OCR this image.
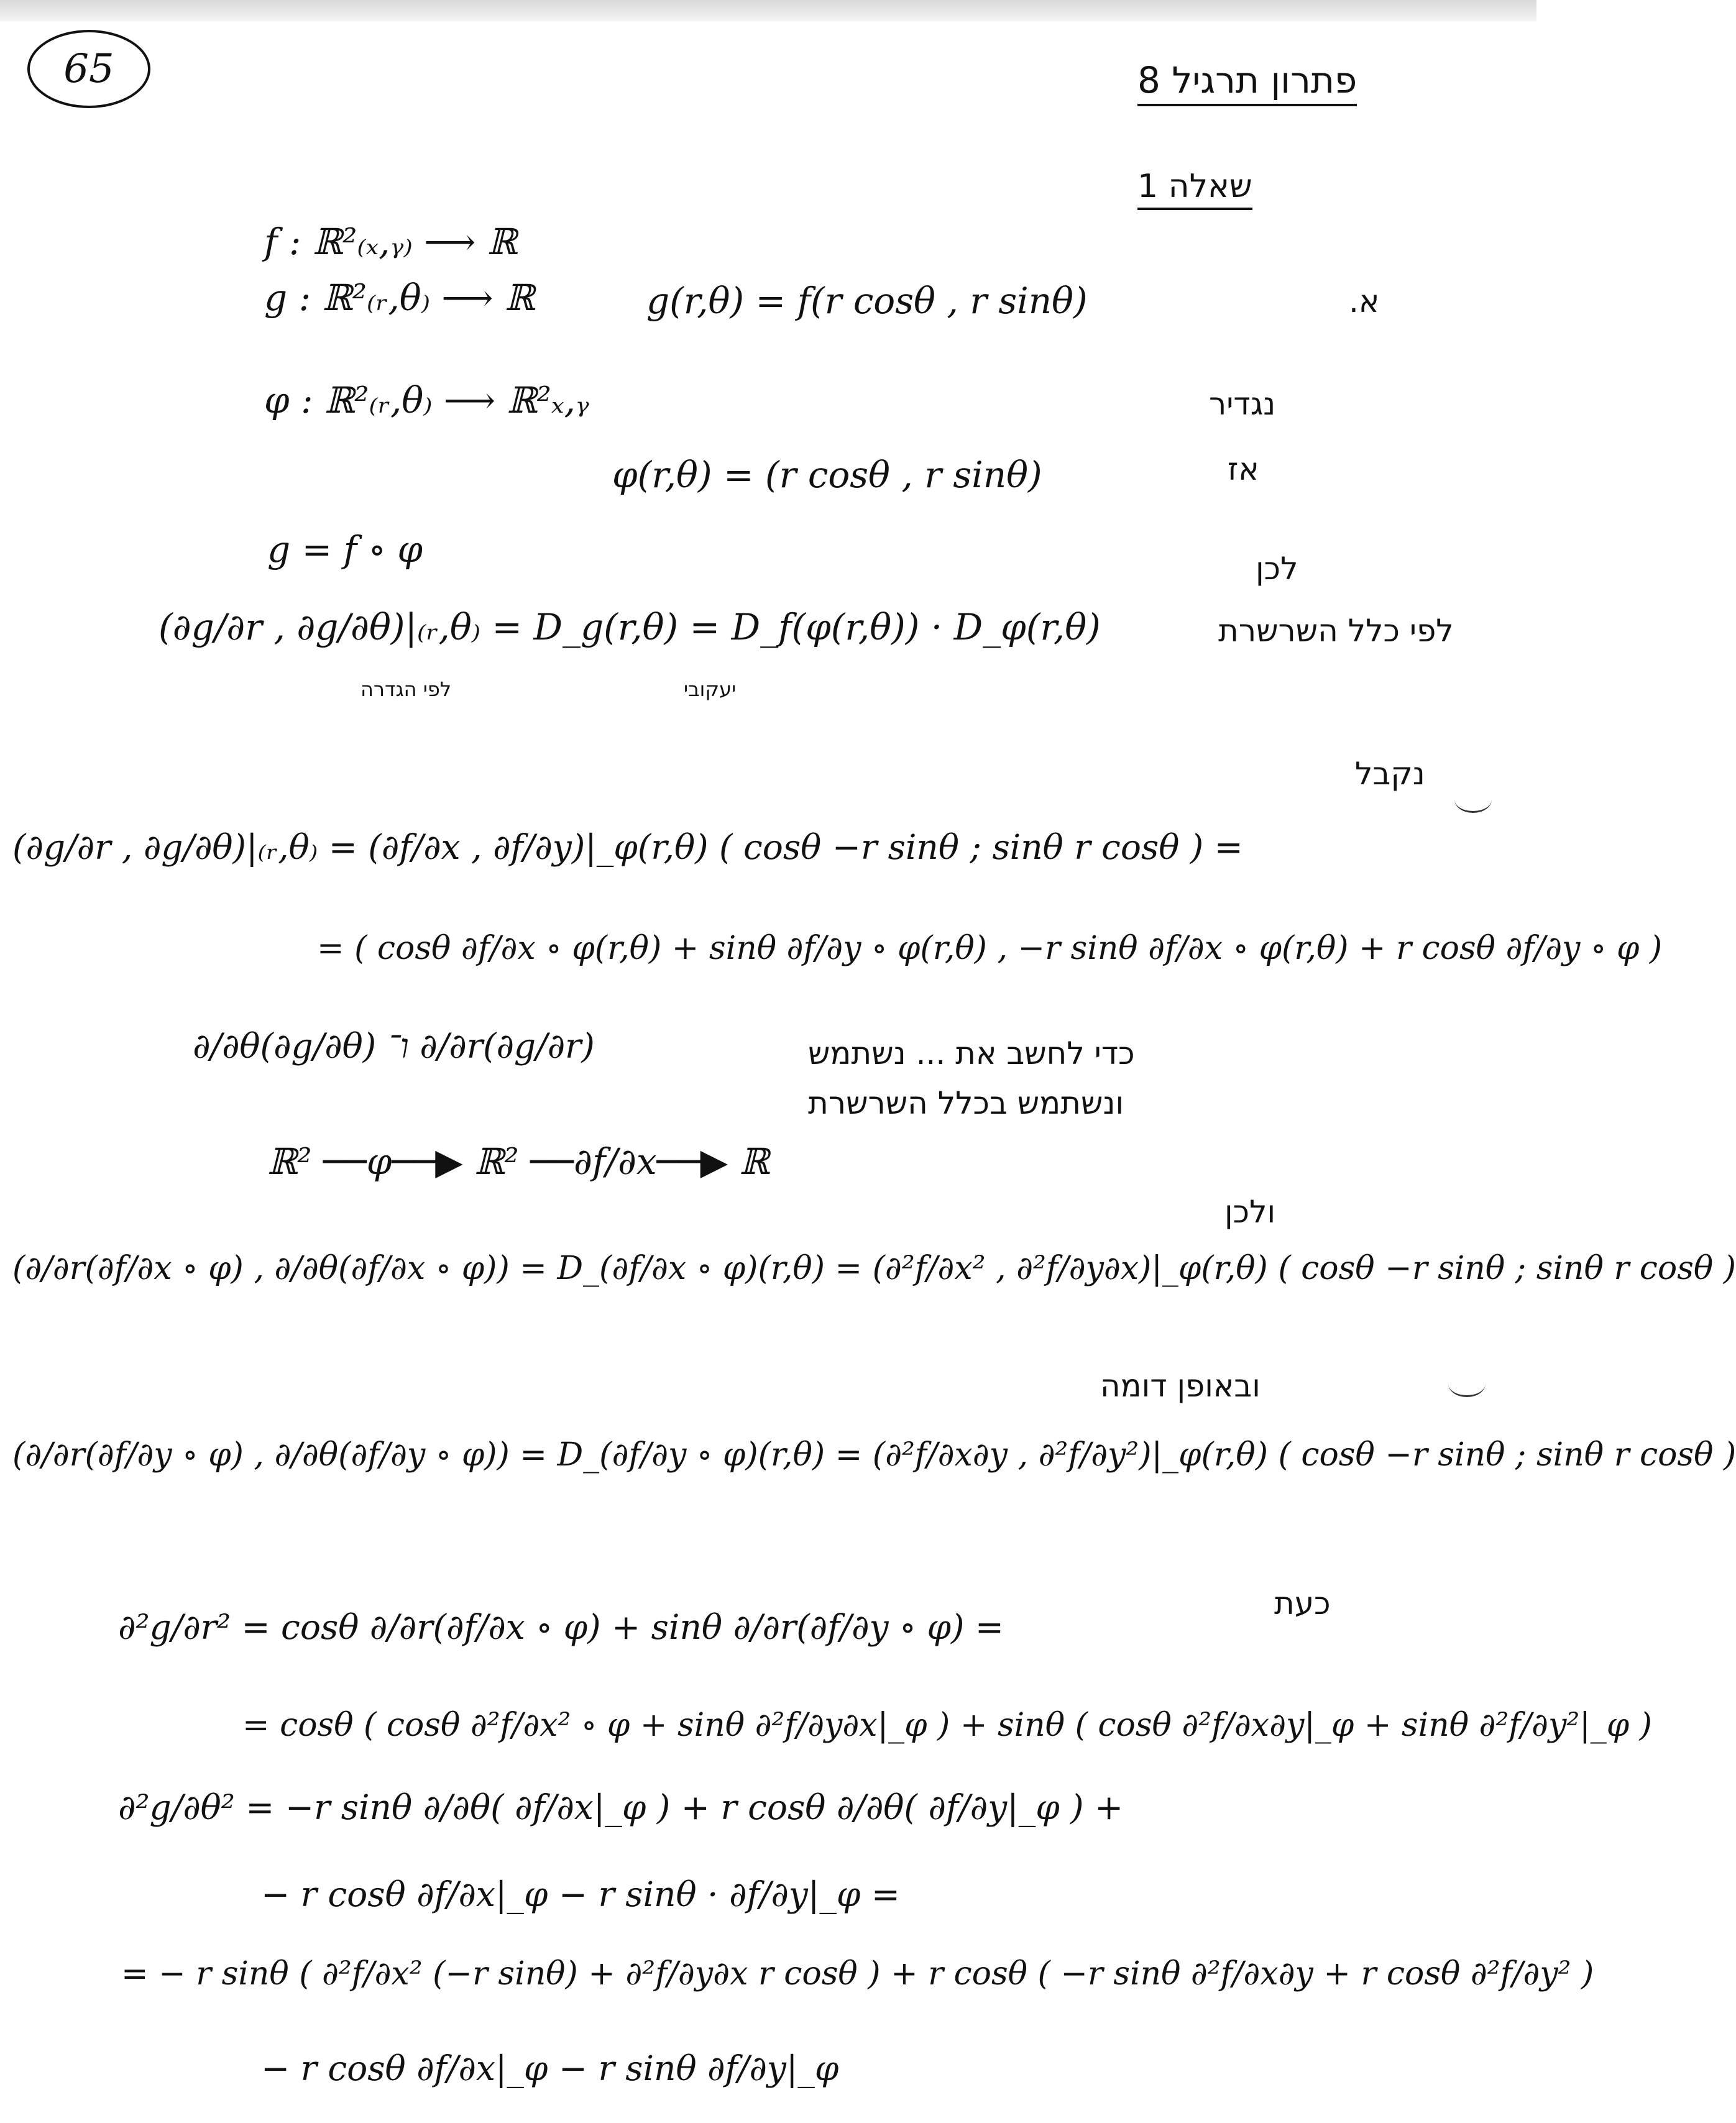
65	פתרון תרגיל 8
1 שאלה
f : ℝ²₍ₓ,ᵧ₎ ⟶ ℝ
g : ℝ²₍ᵣ,θ₎ ⟶ ℝ	g(r,θ) = f(r cosθ , r sinθ)	א.
φ : ℝ²₍ᵣ,θ₎ ⟶ ℝ²ₓ,ᵧ	נגדיר
φ(r,θ) = (r cosθ , r sinθ)	אז
g = f ∘ φ	לכן
(∂g/∂r , ∂g/∂θ)|₍ᵣ,θ₎ = D_g(r,θ) = D_f(φ(r,θ)) · D_φ(r,θ)	לפי כלל השרשרת
לפי הגדרה	יעקובי
נקבל
(∂g/∂r , ∂g/∂θ)|₍ᵣ,θ₎ = (∂f/∂x , ∂f/∂y)|_φ(r,θ) ( cosθ −r sinθ ; sinθ r cosθ ) =
= ( cosθ ∂f/∂x ∘ φ(r,θ) + sinθ ∂f/∂y ∘ φ(r,θ) , −r sinθ ∂f/∂x ∘ φ(r,θ) + r cosθ ∂f/∂y ∘ φ )
∂/∂θ(∂g/∂θ) ו־ ∂/∂r(∂g/∂r)	כדי לחשב את ... נשתמש
ונשתמש בכלל השרשרת
ℝ² ──φ──▶ ℝ² ──∂f/∂x──▶ ℝ
ולכן
(∂/∂r(∂f/∂x ∘ φ) , ∂/∂θ(∂f/∂x ∘ φ)) = D_(∂f/∂x ∘ φ)(r,θ) = (∂²f/∂x² , ∂²f/∂y∂x)|_φ(r,θ) ( cosθ −r sinθ ; sinθ r cosθ )
ובאופן דומה
(∂/∂r(∂f/∂y ∘ φ) , ∂/∂θ(∂f/∂y ∘ φ)) = D_(∂f/∂y ∘ φ)(r,θ) = (∂²f/∂x∂y , ∂²f/∂y²)|_φ(r,θ) ( cosθ −r sinθ ; sinθ r cosθ )
כעת
∂²g/∂r² = cosθ ∂/∂r(∂f/∂x ∘ φ) + sinθ ∂/∂r(∂f/∂y ∘ φ) =
= cosθ ( cosθ ∂²f/∂x² ∘ φ + sinθ ∂²f/∂y∂x|_φ ) + sinθ ( cosθ ∂²f/∂x∂y|_φ + sinθ ∂²f/∂y²|_φ )
∂²g/∂θ² = −r sinθ ∂/∂θ( ∂f/∂x|_φ ) + r cosθ ∂/∂θ( ∂f/∂y|_φ ) +
− r cosθ ∂f/∂x|_φ − r sinθ · ∂f/∂y|_φ =
= − r sinθ ( ∂²f/∂x² (−r sinθ) + ∂²f/∂y∂x r cosθ ) + r cosθ ( −r sinθ ∂²f/∂x∂y + r cosθ ∂²f/∂y² )
− r cosθ ∂f/∂x|_φ − r sinθ ∂f/∂y|_φ
